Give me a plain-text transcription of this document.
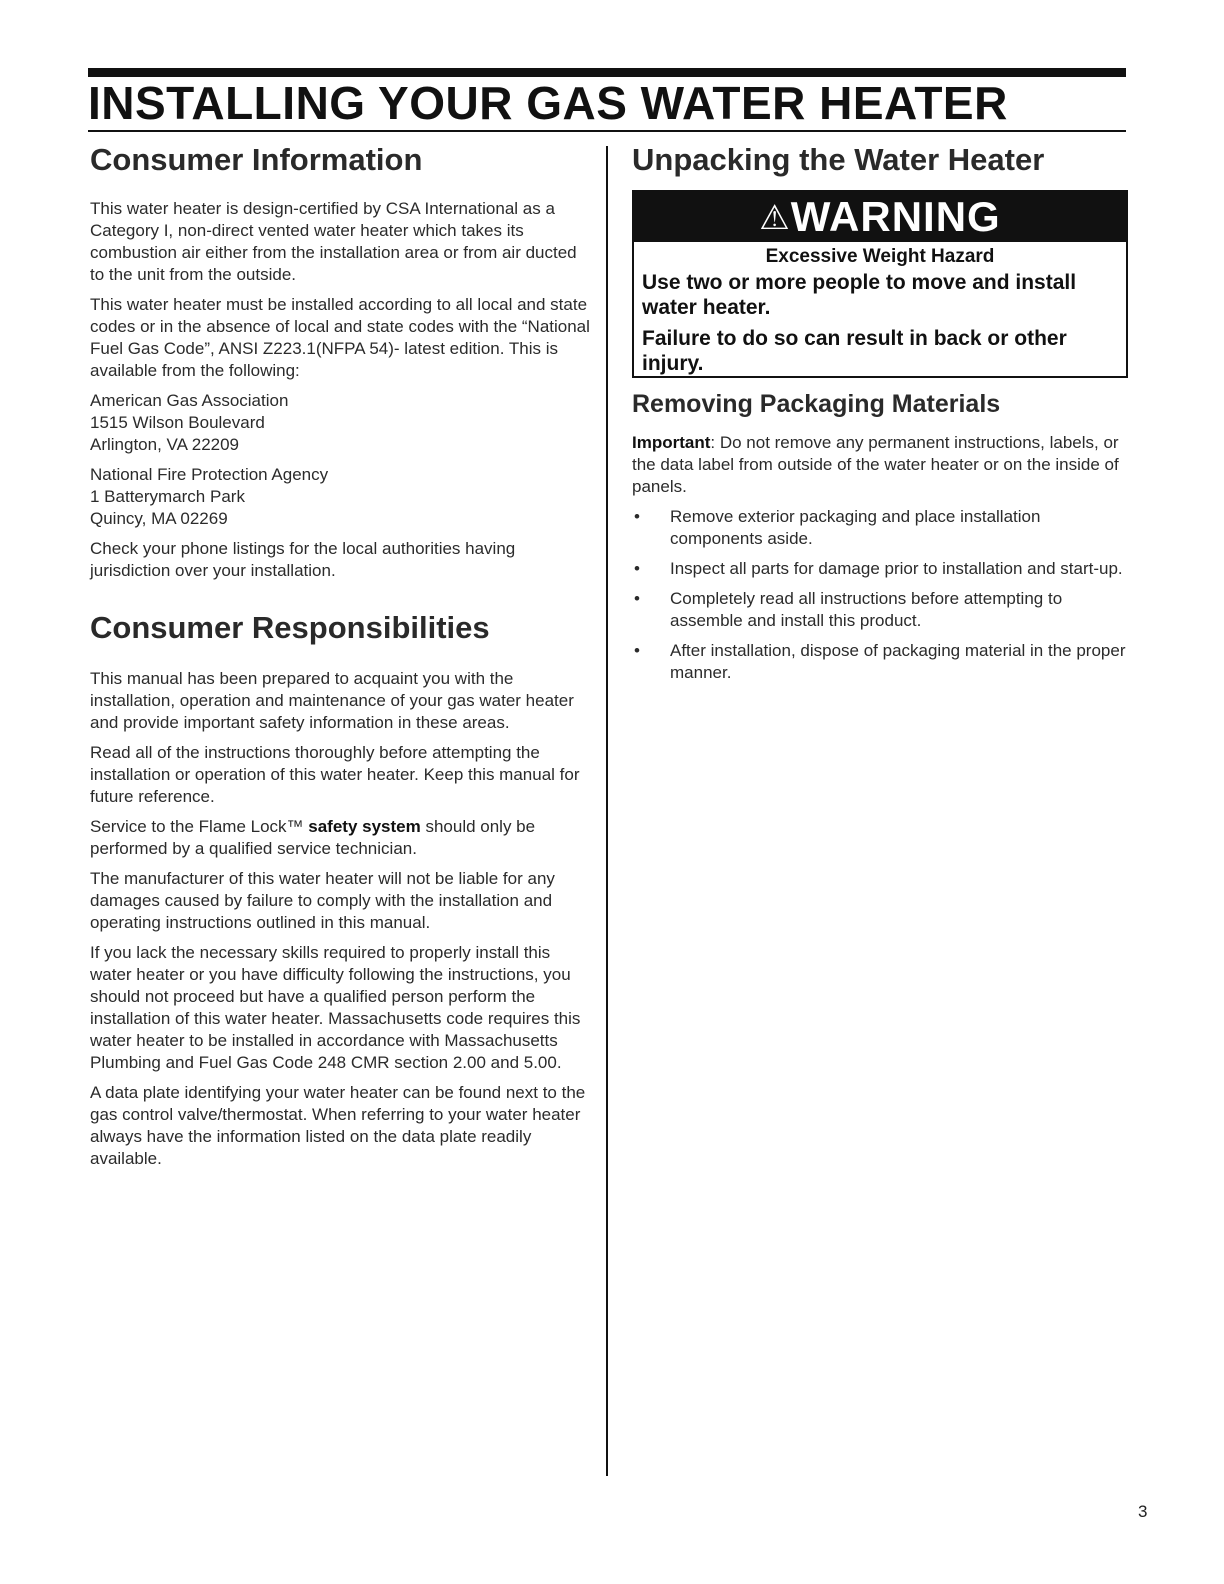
INSTALLING YOUR GAS WATER HEATER
Consumer Information

This water heater is design-certified by CSA International as a Category I, non-direct vented water heater which takes its combustion air either from the installation area or from air ducted to the unit from the outside.

This water heater must be installed according to all local and state codes or in the absence of local and state codes with the “National Fuel Gas Code”, ANSI Z223.1(NFPA 54)- latest edition. This is available from the following:

American Gas Association
1515 Wilson Boulevard
Arlington, VA 22209
National Fire Protection Agency
1 Batterymarch Park
Quincy, MA 02269

Check your phone listings for the local authorities having jurisdiction over your installation.

Consumer Responsibilities

This manual has been prepared to acquaint you with the installation, operation and maintenance of your gas water heater and provide important safety information in these areas.

Read all of the instructions thoroughly before attempting the installation or operation of this water heater. Keep this manual for future reference.

Service to the Flame Lock™ safety system should only be performed by a qualified service technician.

The manufacturer of this water heater will not be liable for any damages caused by failure to comply with the installation and operating instructions outlined in this manual.

If you lack the necessary skills required to properly install this water heater or you have difficulty following the instructions, you should not proceed but have a qualified person perform the installation of this water heater. Massachusetts code requires this water heater to be installed in accordance with Massachusetts Plumbing and Fuel Gas Code 248 CMR section 2.00 and 5.00.

A data plate identifying your water heater can be found next to the gas control valve/thermostat. When referring to your water heater always have the information listed on the data plate readily available.

Unpacking the Water Heater
⚠WARNING
Excessive Weight Hazard
Use two or more people to move and install water heater.
Failure to do so can result in back or other injury.
Removing Packaging Materials

Important: Do not remove any permanent instructions, labels, or the data label from outside of the water heater or on the inside of panels.

• Remove exterior packaging and place installation components aside.
• Inspect all parts for damage prior to installation and start-up.
• Completely read all instructions before attempting to assemble and install this product.
• After installation, dispose of packaging material in the proper manner.
3
